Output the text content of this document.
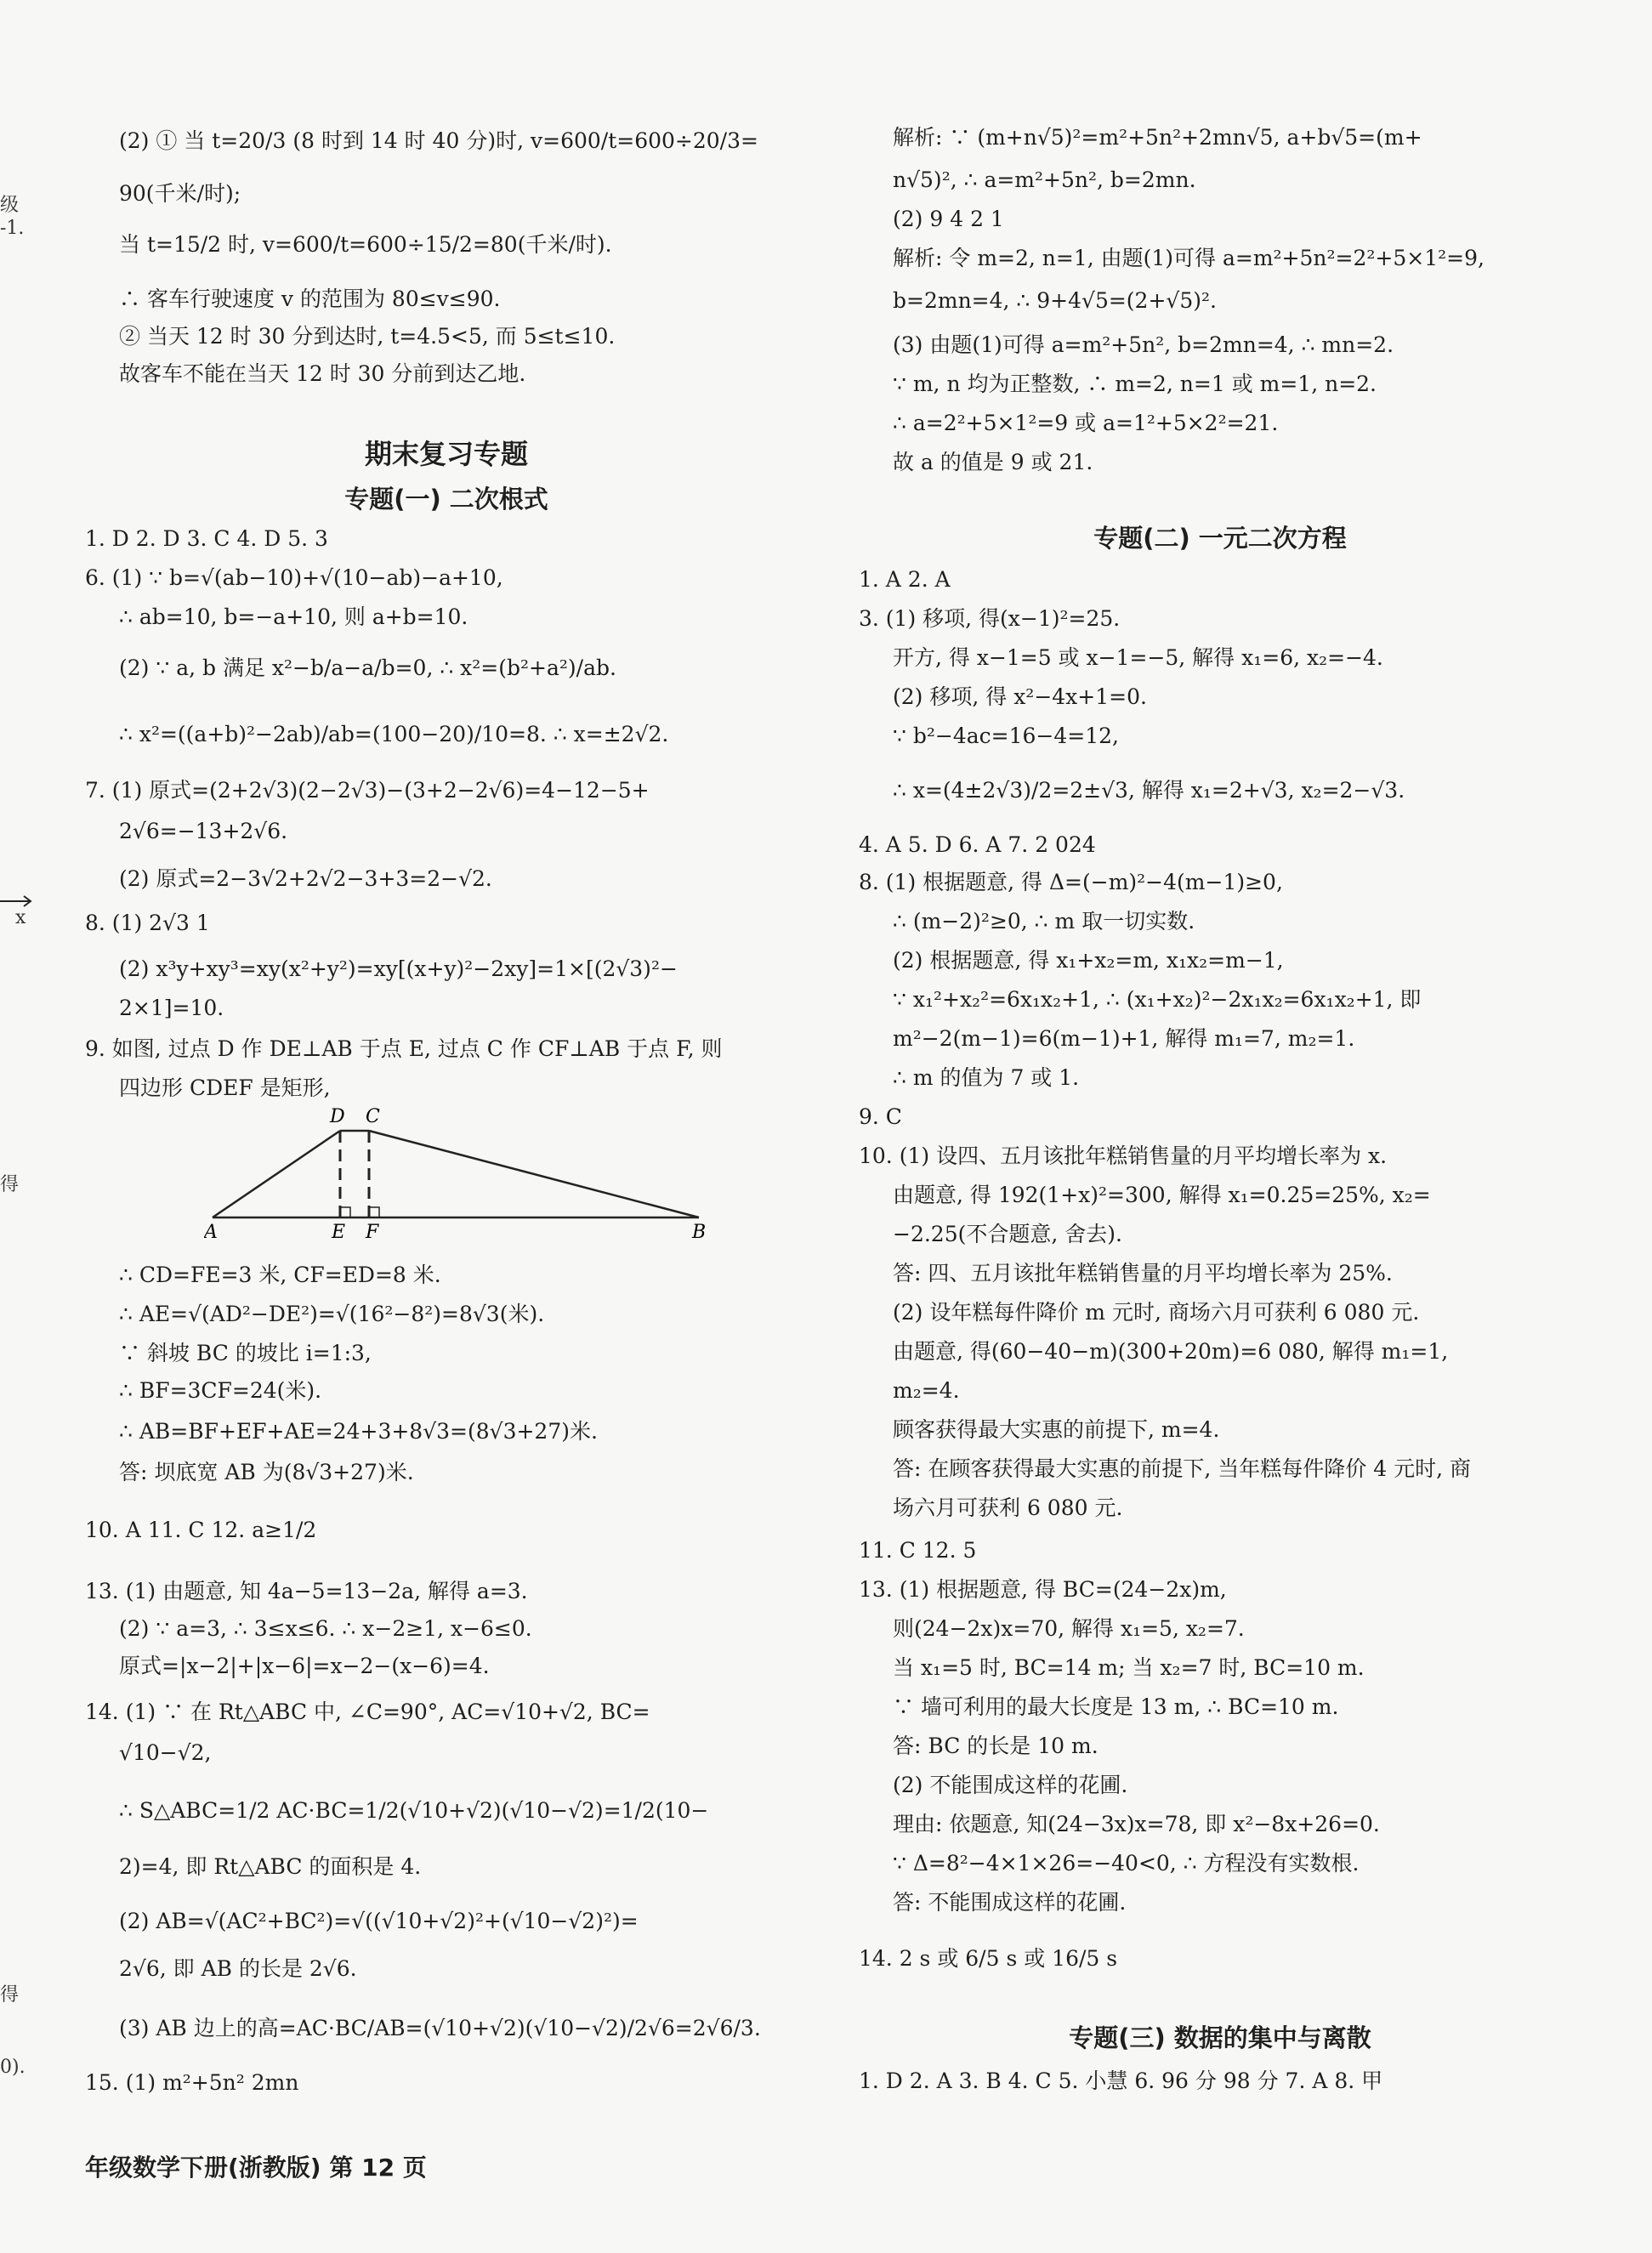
级
-1.
x
得
得
0).
(2) ① 当 t=20/3 (8 时到 14 时 40 分)时, v=600/t=600÷20/3=
90(千米/时);
当 t=15/2 时, v=600/t=600÷15/2=80(千米/时).
∴ 客车行驶速度 v 的范围为 80≤v≤90.
② 当天 12 时 30 分到达时, t=4.5<5, 而 5≤t≤10.
故客车不能在当天 12 时 30 分前到达乙地.
期末复习专题
专题(一) 二次根式
1. D 2. D 3. C 4. D 5. 3
6. (1) ∵ b=√(ab−10)+√(10−ab)−a+10,
∴ ab=10, b=−a+10, 则 a+b=10.
(2) ∵ a, b 满足 x²−b/a−a/b=0, ∴ x²=(b²+a²)/ab.
∴ x²=((a+b)²−2ab)/ab=(100−20)/10=8. ∴ x=±2√2.
7. (1) 原式=(2+2√3)(2−2√3)−(3+2−2√6)=4−12−5+
2√6=−13+2√6.
(2) 原式=2−3√2+2√2−3+3=2−√2.
8. (1) 2√3 1
(2) x³y+xy³=xy(x²+y²)=xy[(x+y)²−2xy]=1×[(2√3)²−
2×1]=10.
9. 如图, 过点 D 作 DE⊥AB 于点 E, 过点 C 作 CF⊥AB 于点 F, 则
四边形 CDEF 是矩形,
D C
A	E F	B
∴ CD=FE=3 米, CF=ED=8 米.
∴ AE=√(AD²−DE²)=√(16²−8²)=8√3(米).
∵ 斜坡 BC 的坡比 i=1:3,
∴ BF=3CF=24(米).
∴ AB=BF+EF+AE=24+3+8√3=(8√3+27)米.
答: 坝底宽 AB 为(8√3+27)米.
10. A 11. C 12. a≥1/2
13. (1) 由题意, 知 4a−5=13−2a, 解得 a=3.
(2) ∵ a=3, ∴ 3≤x≤6. ∴ x−2≥1, x−6≤0.
原式=|x−2|+|x−6|=x−2−(x−6)=4.
14. (1) ∵ 在 Rt△ABC 中, ∠C=90°, AC=√10+√2, BC=
√10−√2,
∴ S△ABC=1/2 AC·BC=1/2(√10+√2)(√10−√2)=1/2(10−
2)=4, 即 Rt△ABC 的面积是 4.
(2) AB=√(AC²+BC²)=√((√10+√2)²+(√10−√2)²)=
2√6, 即 AB 的长是 2√6.
(3) AB 边上的高=AC·BC/AB=(√10+√2)(√10−√2)/2√6=2√6/3.
15. (1) m²+5n² 2mn
年级数学下册(浙教版) 第 12 页
解析: ∵ (m+n√5)²=m²+5n²+2mn√5, a+b√5=(m+
n√5)², ∴ a=m²+5n², b=2mn.
(2) 9 4 2 1
解析: 令 m=2, n=1, 由题(1)可得 a=m²+5n²=2²+5×1²=9,
b=2mn=4, ∴ 9+4√5=(2+√5)².
(3) 由题(1)可得 a=m²+5n², b=2mn=4, ∴ mn=2.
∵ m, n 均为正整数, ∴ m=2, n=1 或 m=1, n=2.
∴ a=2²+5×1²=9 或 a=1²+5×2²=21.
故 a 的值是 9 或 21.
专题(二) 一元二次方程
1. A 2. A
3. (1) 移项, 得(x−1)²=25.
开方, 得 x−1=5 或 x−1=−5, 解得 x₁=6, x₂=−4.
(2) 移项, 得 x²−4x+1=0.
∵ b²−4ac=16−4=12,
∴ x=(4±2√3)/2=2±√3, 解得 x₁=2+√3, x₂=2−√3.
4. A 5. D 6. A 7. 2 024
8. (1) 根据题意, 得 Δ=(−m)²−4(m−1)≥0,
∴ (m−2)²≥0, ∴ m 取一切实数.
(2) 根据题意, 得 x₁+x₂=m, x₁x₂=m−1,
∵ x₁²+x₂²=6x₁x₂+1, ∴ (x₁+x₂)²−2x₁x₂=6x₁x₂+1, 即
m²−2(m−1)=6(m−1)+1, 解得 m₁=7, m₂=1.
∴ m 的值为 7 或 1.
9. C
10. (1) 设四、五月该批年糕销售量的月平均增长率为 x.
由题意, 得 192(1+x)²=300, 解得 x₁=0.25=25%, x₂=
−2.25(不合题意, 舍去).
答: 四、五月该批年糕销售量的月平均增长率为 25%.
(2) 设年糕每件降价 m 元时, 商场六月可获利 6 080 元.
由题意, 得(60−40−m)(300+20m)=6 080, 解得 m₁=1,
m₂=4.
顾客获得最大实惠的前提下, m=4.
答: 在顾客获得最大实惠的前提下, 当年糕每件降价 4 元时, 商
场六月可获利 6 080 元.
11. C 12. 5
13. (1) 根据题意, 得 BC=(24−2x)m,
则(24−2x)x=70, 解得 x₁=5, x₂=7.
当 x₁=5 时, BC=14 m; 当 x₂=7 时, BC=10 m.
∵ 墙可利用的最大长度是 13 m, ∴ BC=10 m.
答: BC 的长是 10 m.
(2) 不能围成这样的花圃.
理由: 依题意, 知(24−3x)x=78, 即 x²−8x+26=0.
∵ Δ=8²−4×1×26=−40<0, ∴ 方程没有实数根.
答: 不能围成这样的花圃.
14. 2 s 或 6/5 s 或 16/5 s
专题(三) 数据的集中与离散
1. D 2. A 3. B 4. C 5. 小慧 6. 96 分 98 分 7. A 8. 甲
